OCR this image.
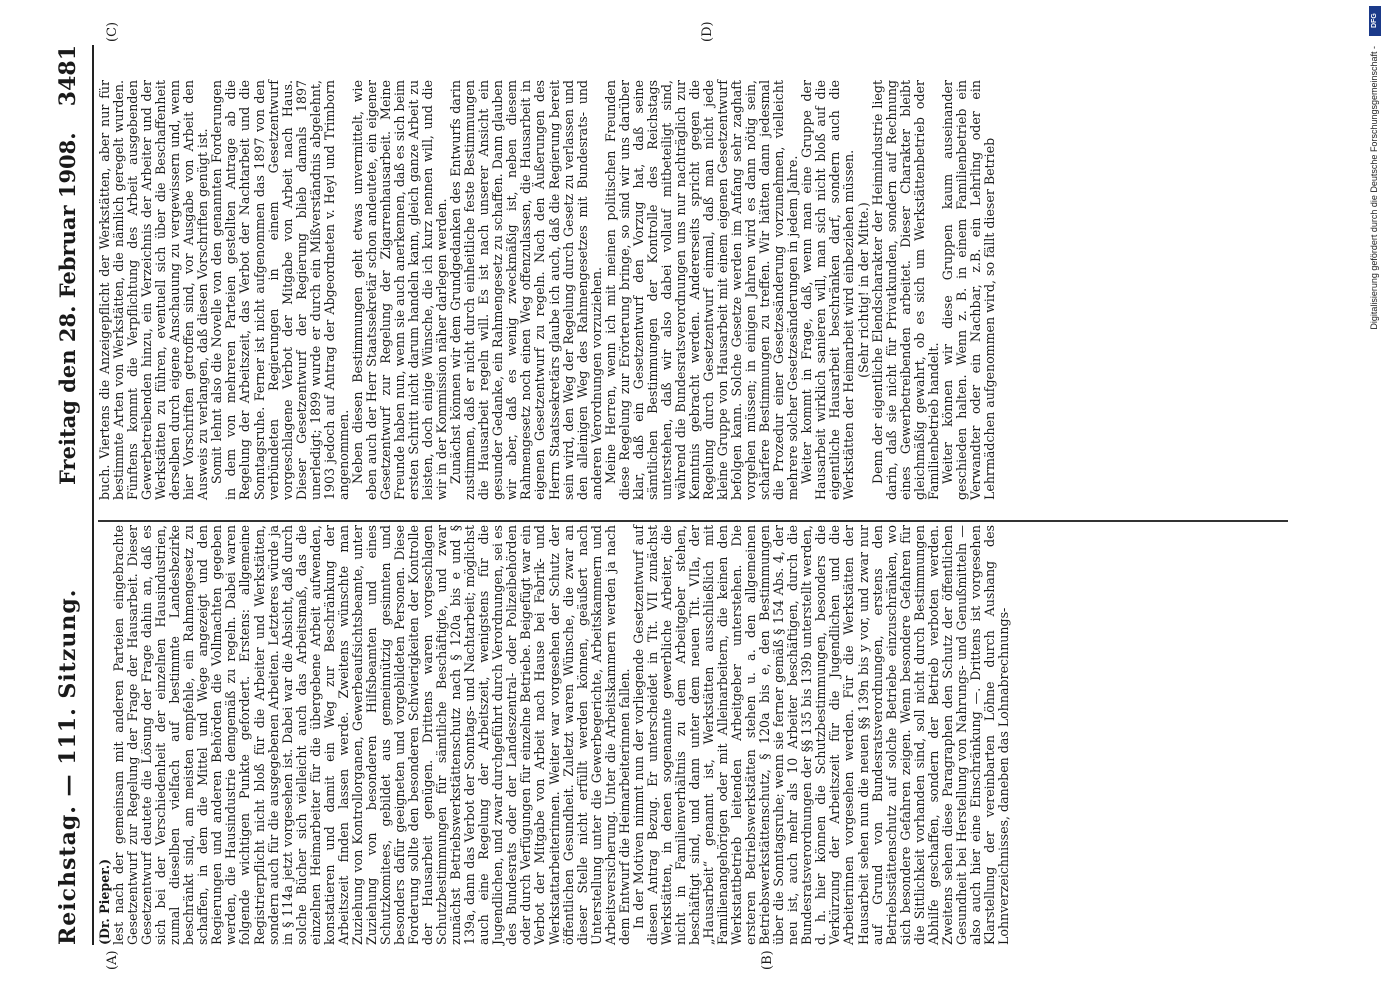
Reichstag. — 111. Sitzung.
Freitag den 28. Februar 1908.
3481
(A)	(B)
(C)	(D)

(Dr. Pieper.) lest nach der gemeinsam mit anderen Parteien eingebrachte Gesetzentwurf zur Regelung der Frage der Hausarbeit. Dieser Gesetzentwurf deutete die Lösung der Frage dahin an, daß es sich bei der Verschiedenheit der einzelnen Hausindustrien, zumal dieselben vielfach auf bestimmte Landesbezirke beschränkt sind, am meisten empfehle, ein Rahmengesetz zu schaffen, in dem die Mittel und Wege angezeigt und den Regierungen und anderen Behörden die Vollmachten gegeben werden, die Hausindustrie demgemäß zu regeln. Dabei waren folgende wichtigen Punkte gefordert. Erstens: allgemeine Registrierpflicht nicht bloß für die Arbeiter und Werkstätten, sondern auch für die ausgegebenen Arbeiten. Letzteres würde ja in § 114a jetzt vorgesehen ist. Dabei war die Absicht, daß durch solche Bücher sich vielleicht auch das Arbeitsmaß, das die einzelnen Heimarbeiter für die übergebene Arbeit aufwenden, konstatieren und damit ein Weg zur Beschränkung der Arbeitszeit finden lassen werde. Zweitens wünschte man Zuziehung von Kontrollorganen, Gewerbeaufsichtsbeamte, unter Zuziehung von besonderen Hilfsbeamten und eines Schutzkomitees, gebildet aus gemeinnützig gesinnten und besonders dafür geeigneten und vorgebildeten Personen. Diese Forderung sollte den besonderen Schwierigkeiten der Kontrolle der Hausarbeit genügen. Drittens waren vorgeschlagen Schutzbestimmungen für sämtliche Beschäftigte, und zwar zunächst Betriebswerkstättenschutz nach § 120a bis e und § 139a, dann das Verbot der Sonntags- und Nachtarbeit; möglichst auch eine Regelung der Arbeitszeit, wenigstens für die Jugendlichen, und zwar durchgeführt durch Verordnungen, sei es des Bundesrats oder der Landeszentral- oder Polizeibehörden oder durch Verfügungen für einzelne Betriebe. Beigefügt war ein Verbot der Mitgabe von Arbeit nach Hause bei Fabrik- und Werkstattarbeiterinnen. Weiter war vorgesehen der Schutz der öffentlichen Gesundheit. Zuletzt waren Wünsche, die zwar an dieser Stelle nicht erfüllt werden können, geäußert nach Unterstellung unter die Gewerbegerichte, Arbeitskammern und Arbeitsversicherung. Unter die Arbeitskammern werden ja nach dem Entwurf die Heimarbeiterinnen fallen. In der Motiven nimmt nun der vorliegende Gesetzentwurf auf diesen Antrag Bezug. Er unterscheidet in Tit. VII zunächst Werkstätten, in denen sogenannte gewerbliche Arbeiter, die nicht in Familienverhältnis zu dem Arbeitgeber stehen, beschäftigt sind, und dann unter dem neuen Tit. VIIa, der „Hausarbeit“ genannt ist, Werkstätten ausschließlich mit Familienangehörigen oder mit Alleinarbeitern, die keinen den Werkstattbetrieb leitenden Arbeitgeber unterstehen. Die ersteren Betriebswerkstätten stehen u. a. den allgemeinen Betriebswerkstättenschutz, § 120a bis e, den Bestimmungen über die Sonntagsruhe; wenn sie ferner gemäß § 154 Abs. 4, der neu ist, auch mehr als 10 Arbeiter beschäftigen, durch die Bundesratsverordnungen der §§ 135 bis 139b unterstellt werden, d. h. hier können die Schutzbestimmungen, besonders die Verkürzung der Arbeitszeit für die Jugendlichen und die Arbeiterinnen vorgesehen werden. Für die Werkstätten der Hausarbeit sehen nun die neuen §§ 139n bis y vor, und zwar nur auf Grund von Bundesratsverordnungen, erstens den Betriebsstättenschutz auf solche Betriebe einzuschränken, wo sich besondere Gefahren zeigen. Wenn besondere Gefahren für die Sittlichkeit vorhanden sind, soll nicht durch Bestimmungen Abhilfe geschaffen, sondern der Betrieb verboten werden. Zweitens sehen diese Paragraphen den Schutz der öffentlichen Gesundheit bei Herstellung von Nahrungs- und Genußmitteln — also auch hier eine Einschränkung —. Drittens ist vorgesehen Klarstellung der vereinbarten Löhne durch Aushang des Lohnverzeichnisses, daneben das Lohnabrechnungs-

buch. Viertens die Anzeigepflicht der Werkstätten, aber nur für bestimmte Arten von Werkstätten, die nämlich geregelt wurden. Fünftens kommt die Verpflichtung des Arbeit ausgebenden Gewerbetreibenden hinzu, ein Verzeichnis der Arbeiter und der Werkstätten zu führen, eventuell sich über die Beschaffenheit derselben durch eigene Anschauung zu vergewissern und, wenn hier Vorschriften getroffen sind, vor Ausgabe von Arbeit den Ausweis zu verlangen, daß diesen Vorschriften genügt ist. Somit lehnt also die Novelle von den genannten Forderungen in dem von mehreren Parteien gestellten Antrage ab die Regelung der Arbeitszeit, das Verbot der Nachtarbeit und die Sonntagsruhe. Ferner ist nicht aufgenommen das 1897 von den verbündeten Regierungen in einem Gesetzentwurf vorgeschlagene Verbot der Mitgabe von Arbeit nach Haus. Dieser Gesetzentwurf der Regierung blieb damals 1897 unerledigt; 1899 wurde er durch ein Mißverständnis abgelehnt, 1903 jedoch auf Antrag der Abgeordneten v. Heyl und Trimborn angenommen. Neben diesen Bestimmungen geht etwas unvermittelt, wie eben auch der Herr Staatssekretär schon andeutete, ein eigener Gesetzentwurf zur Regelung der Zigarrenhausarbeit. Meine Freunde haben nun, wenn sie auch anerkennen, daß es sich beim ersten Schritt nicht darum handeln kann, gleich ganze Arbeit zu leisten, doch einige Wünsche, die ich kurz nennen will, und die wir in der Kommission näher darlegen werden. Zunächst können wir dem Grundgedanken des Entwurfs darin zustimmen, daß er nicht durch einheitliche feste Bestimmungen die Hausarbeit regeln will. Es ist nach unserer Ansicht ein gesunder Gedanke, ein Rahmengesetz zu schaffen. Dann glauben wir aber, daß es wenig zweckmäßig ist, neben diesem Rahmengesetz noch einen Weg offenzulassen, die Hausarbeit in eigenen Gesetzentwurf zu regeln. Nach den Äußerungen des Herrn Staatssekretärs glaube ich auch, daß die Regierung bereit sein wird, den Weg der Regelung durch Gesetz zu verlassen und den alleinigen Weg des Rahmengesetzes mit Bundesrats- und anderen Verordnungen vorzuziehen. Meine Herren, wenn ich mit meinen politischen Freunden diese Regelung zur Erörterung bringe, so sind wir uns darüber klar, daß ein Gesetzentwurf den Vorzug hat, daß seine sämtlichen Bestimmungen der Kontrolle des Reichstags unterstehen, daß wir also dabei vollauf mitbeteiligt sind, während die Bundesratsverordnungen uns nur nachträglich zur Kenntnis gebracht werden. Andererseits spricht gegen die Regelung durch Gesetzentwurf einmal, daß man nicht jede kleine Gruppe von Hausarbeit mit einem eigenen Gesetzentwurf befolgen kann. Solche Gesetze werden im Anfang sehr zaghaft vorgehen müssen; in einigen Jahren wird es dann nötig sein, schärfere Bestimmungen zu treffen. Wir hätten dann jedesmal die Prozedur einer Gesetzesänderung vorzunehmen, vielleicht mehrere solcher Gesetzesänderungen in jedem Jahre. Weiter kommt in Frage, daß, wenn man eine Gruppe der Hausarbeit wirklich sanieren will, man sich nicht bloß auf die eigentliche Hausarbeit beschränken darf, sondern auch die Werkstätten der Heimarbeit wird einbeziehen müssen. (Sehr richtig! in der Mitte.) Denn der eigentliche Elendscharakter der Heimindustrie liegt darin, daß sie nicht für Privatkunden, sondern auf Rechnung eines Gewerbetreibenden arbeitet. Dieser Charakter bleibt gleichmäßig gewahrt, ob es sich um Werkstättenbetrieb oder Familienbetrieb handelt. Weiter können wir diese Gruppen kaum auseinander geschieden halten. Wenn z. B. in einem Familienbetrieb ein Verwandter oder ein Nachbar, z.B. ein Lehrling oder ein Lehrmädchen aufgenommen wird, so fällt dieser Betrieb

DFG
Digitalisierung gefördert durch die Deutsche Forschungsgemeinschaft -
